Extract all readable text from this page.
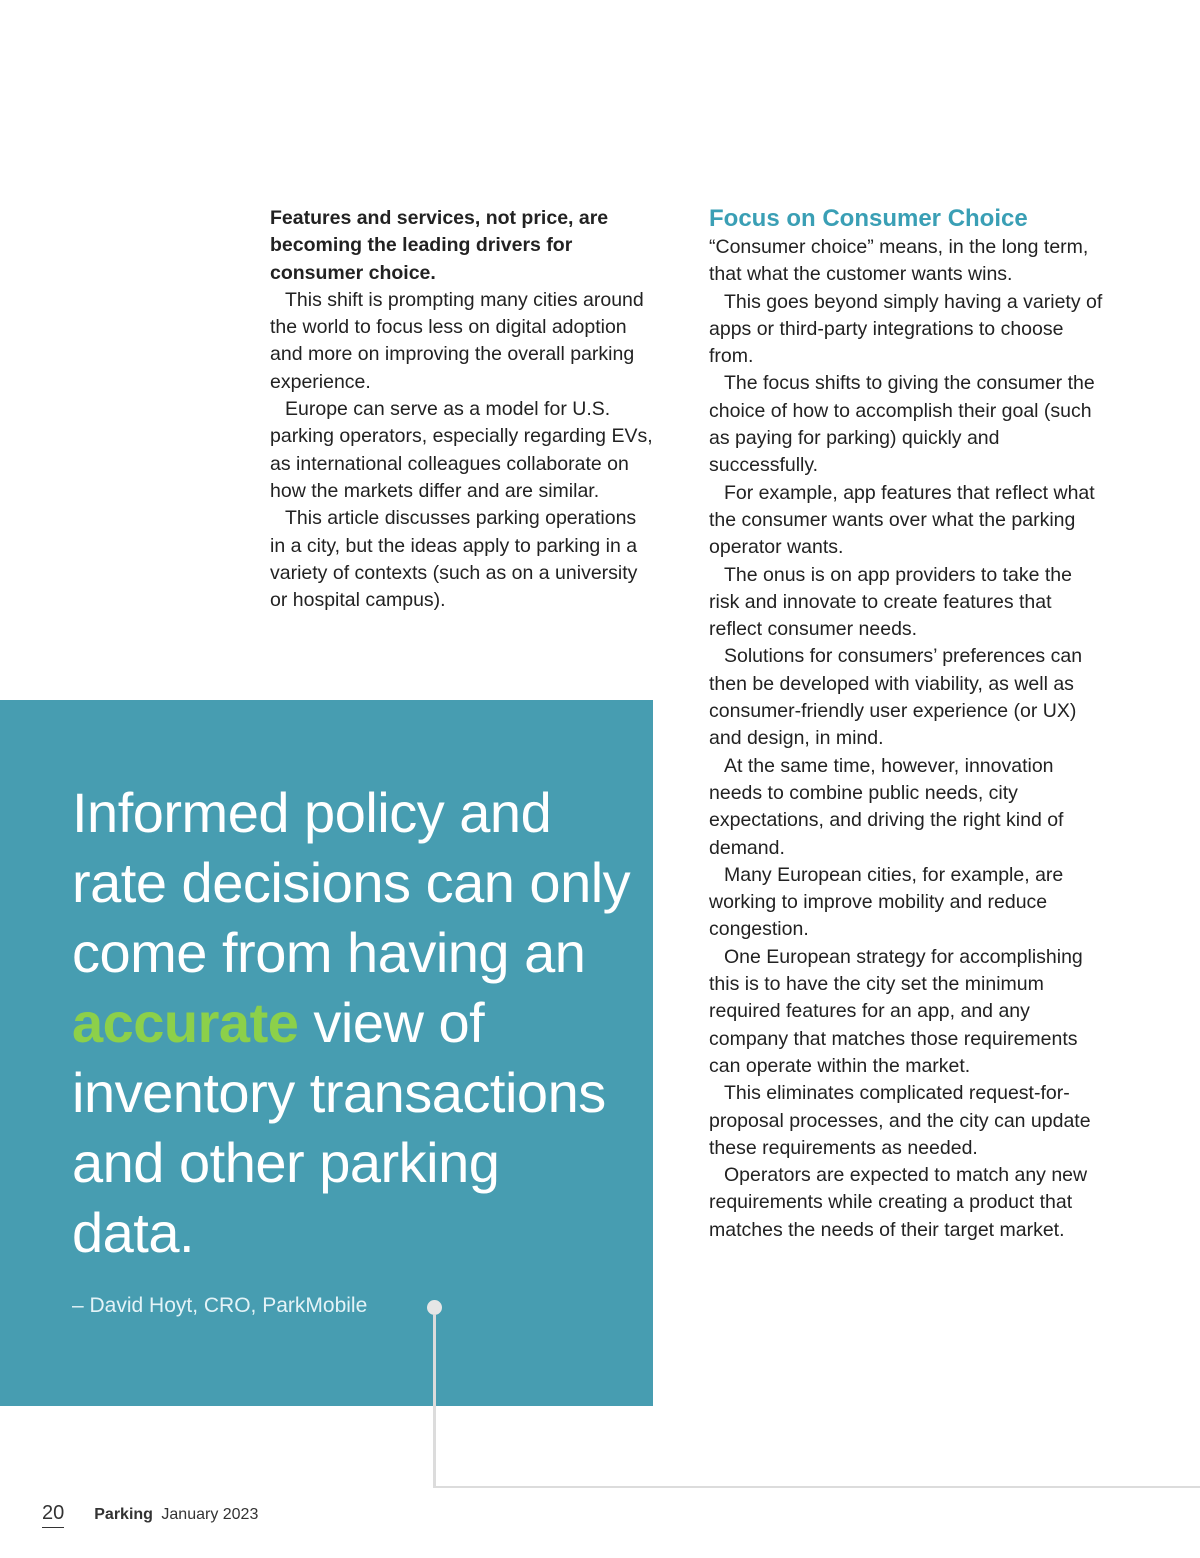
Features and services, not price, are becoming the leading drivers for consumer choice.

This shift is prompting many cities around the world to focus less on digital adoption and more on improving the overall parking experience.

Europe can serve as a model for U.S. parking operators, especially regarding EVs, as international colleagues collaborate on how the markets differ and are similar.

This article discusses parking operations in a city, but the ideas apply to parking in a variety of contexts (such as on a university or hospital campus).

Focus on Consumer Choice

“Consumer choice” means, in the long term, that what the customer wants wins.

This goes beyond simply having a variety of apps or third-party integrations to choose from.

The focus shifts to giving the consumer the choice of how to accomplish their goal (such as paying for parking) quickly and successfully.

For example, app features that reflect what the consumer wants over what the parking operator wants.

The onus is on app providers to take the risk and innovate to create features that reflect consumer needs.

Solutions for consumers’ preferences can then be developed with viability, as well as consumer-friendly user experience (or UX) and design, in mind.

At the same time, however, innovation needs to combine public needs, city expectations, and driving the right kind of demand.

Many European cities, for example, are working to improve mobility and reduce congestion.

One European strategy for accomplishing this is to have the city set the minimum required features for an app, and any company that matches those requirements can operate within the market.

This eliminates complicated request-for-proposal processes, and the city can update these requirements as needed.

Operators are expected to match any new requirements while creating a product that matches the needs of their target market.

Informed policy and rate decisions can only come from having an accurate view of inventory transactions and other parking data.
– David Hoyt, CRO, ParkMobile
20 Parking January 2023
